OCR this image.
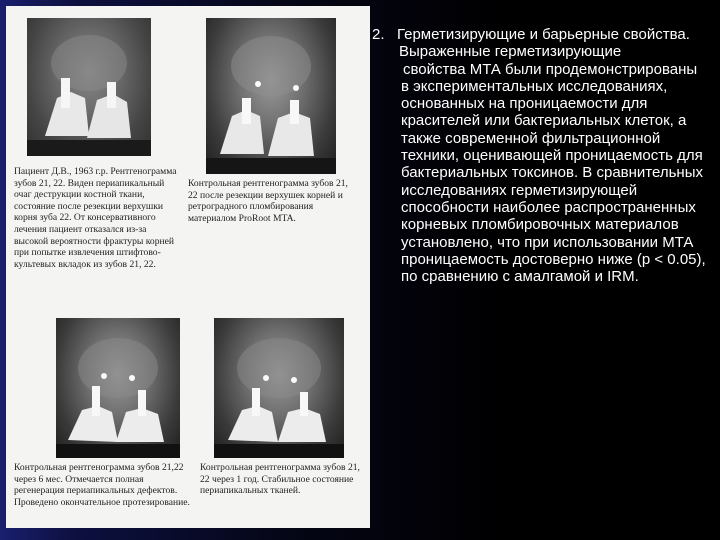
Пациент Д.В., 1963 г.р. Рентгенограмма зубов 21, 22. Виден периапикальный очаг деструкции костной ткани, состояние после резекции верхушки корня зуба 22. От консервативного лечения пациент отказался из-за высокой вероятности фрактуры корней при попытке извлечения штифтово-культевых вкладок из зубов 21, 22.

Контрольная рентгенограмма зубов 21, 22 после резекции верхушек корней и ретроградного пломбирования материалом ProRoot MTA.

Контрольная рентгенограмма зубов 21,22 через 6 мес. Отмечается полная регенерация периапикальных дефектов. Проведено окончательное протезирование.

Контрольная рентгенограмма зубов 21, 22 через 1 год. Стабильное состояние периапикальных тканей.

2. Герметизирующие и барьерные свойства.

Выраженные герметизирующие
свойства МТА были продемонстрированы в экспериментальных исследованиях, основанных на проницаемости для красителей или бактериальных клеток, а также современной фильтрационной техники, оценивающей проницаемость для бактериальных токсинов. В сравнительных исследованиях герметизирующей способности наиболее распространенных корневых пломбировочных материалов установлено, что при использовании МТА проницаемость достоверно ниже (p < 0.05), по сравнению с амалгамой и IRM.
